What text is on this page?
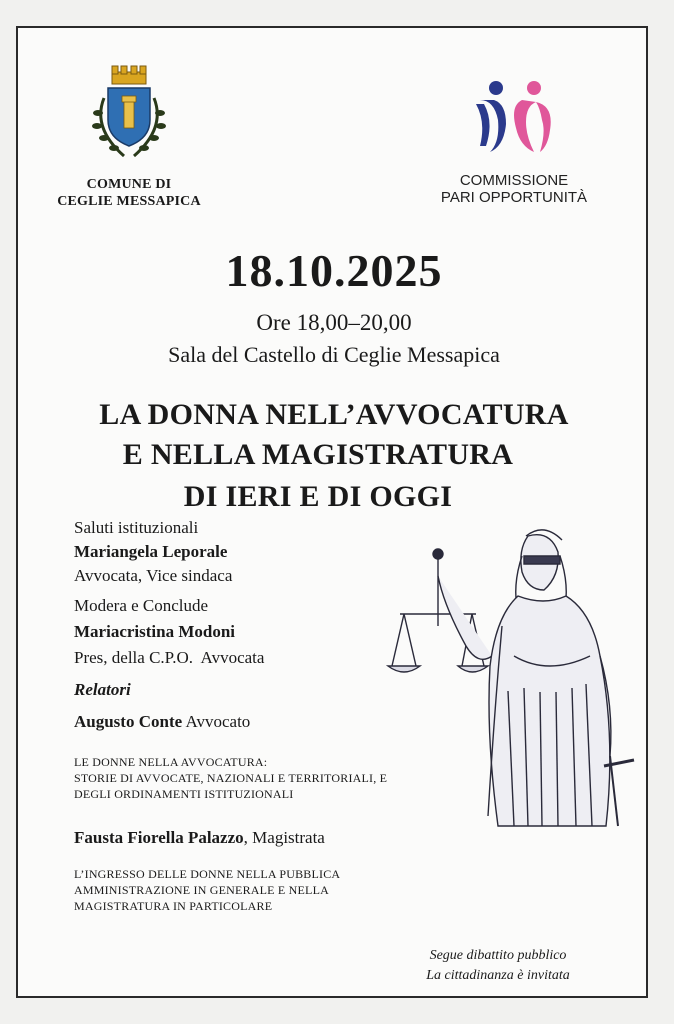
COMUNE DI
CEGLIE MESSAPICA
COMMISSIONE
PARI OPPORTUNITÀ
18.10.2025
Ore 18,00–20,00
Sala del Castello di Ceglie Messapica
LA DONNA NELL’AVVOCATURA
E NELLA MAGISTRATURA
DI IERI E DI OGGI
Saluti istituzionali
Mariangela Leporale
Avvocata, Vice sindaca
Modera e Conclude
Mariacristina Modoni
Pres, della C.P.O.  Avvocata
Relatori
Augusto Conte Avvocato
LE DONNE NELLA AVVOCATURA:
STORIE DI AVVOCATE, NAZIONALI E TERRITORIALI, E
DEGLI ORDINAMENTI ISTITUZIONALI
Fausta Fiorella Palazzo, Magistrata
L’INGRESSO DELLE DONNE NELLA PUBBLICA
AMMINISTRAZIONE IN GENERALE E NELLA
MAGISTRATURA IN PARTICOLARE
Segue dibattito pubblico
La cittadinanza è invitata
